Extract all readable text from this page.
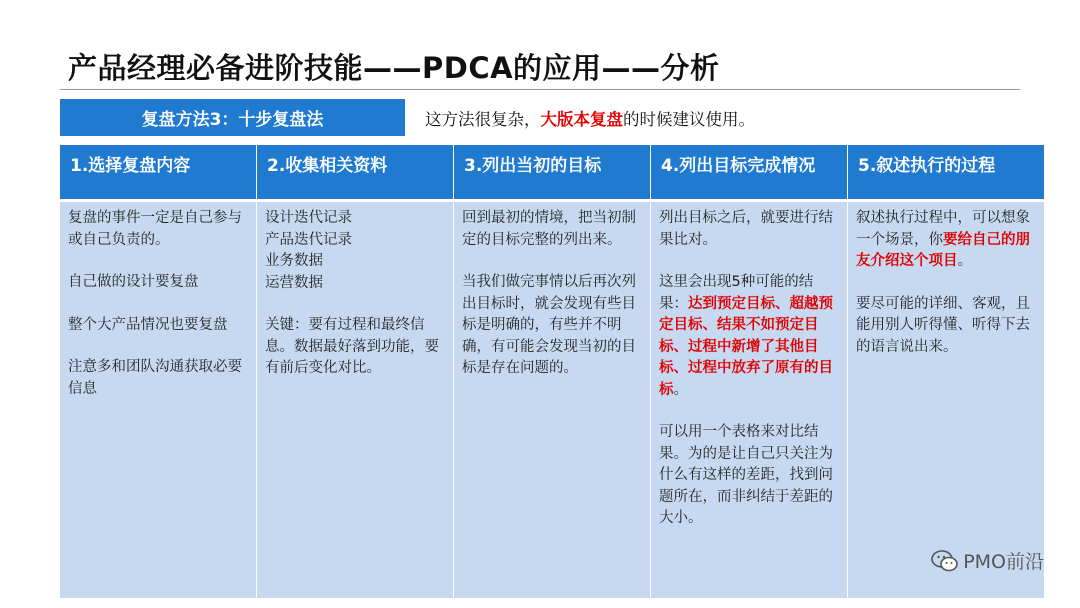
产品经理必备进阶技能——PDCA的应用——分析
复盘方法3：十步复盘法	这方法很复杂，大版本复盘的时候建议使用。
1.选择复盘内容

复盘的事件一定是自己参与或自己负责的。

自己做的设计要复盘

整个大产品情况也要复盘

注意多和团队沟通获取必要信息

2.收集相关资料

设计迭代记录
产品迭代记录
业务数据
运营数据

关键：要有过程和最终信息。数据最好落到功能，要有前后变化对比。

3.列出当初的目标

回到最初的情境，把当初制定的目标完整的列出来。

当我们做完事情以后再次列出目标时，就会发现有些目标是明确的，有些并不明确，有可能会发现当初的目标是存在问题的。

4.列出目标完成情况

列出目标之后，就要进行结果比对。

这里会出现5种可能的结果：达到预定目标、超越预定目标、结果不如预定目标、过程中新增了其他目标、过程中放弃了原有的目标。

可以用一个表格来对比结果。为的是让自己只关注为什么有这样的差距，找到问题所在，而非纠结于差距的大小。

5.叙述执行的过程

叙述执行过程中，可以想象一个场景，你要给自己的朋友介绍这个项目。

要尽可能的详细、客观，且能用别人听得懂、听得下去的语言说出来。

PMO前沿
